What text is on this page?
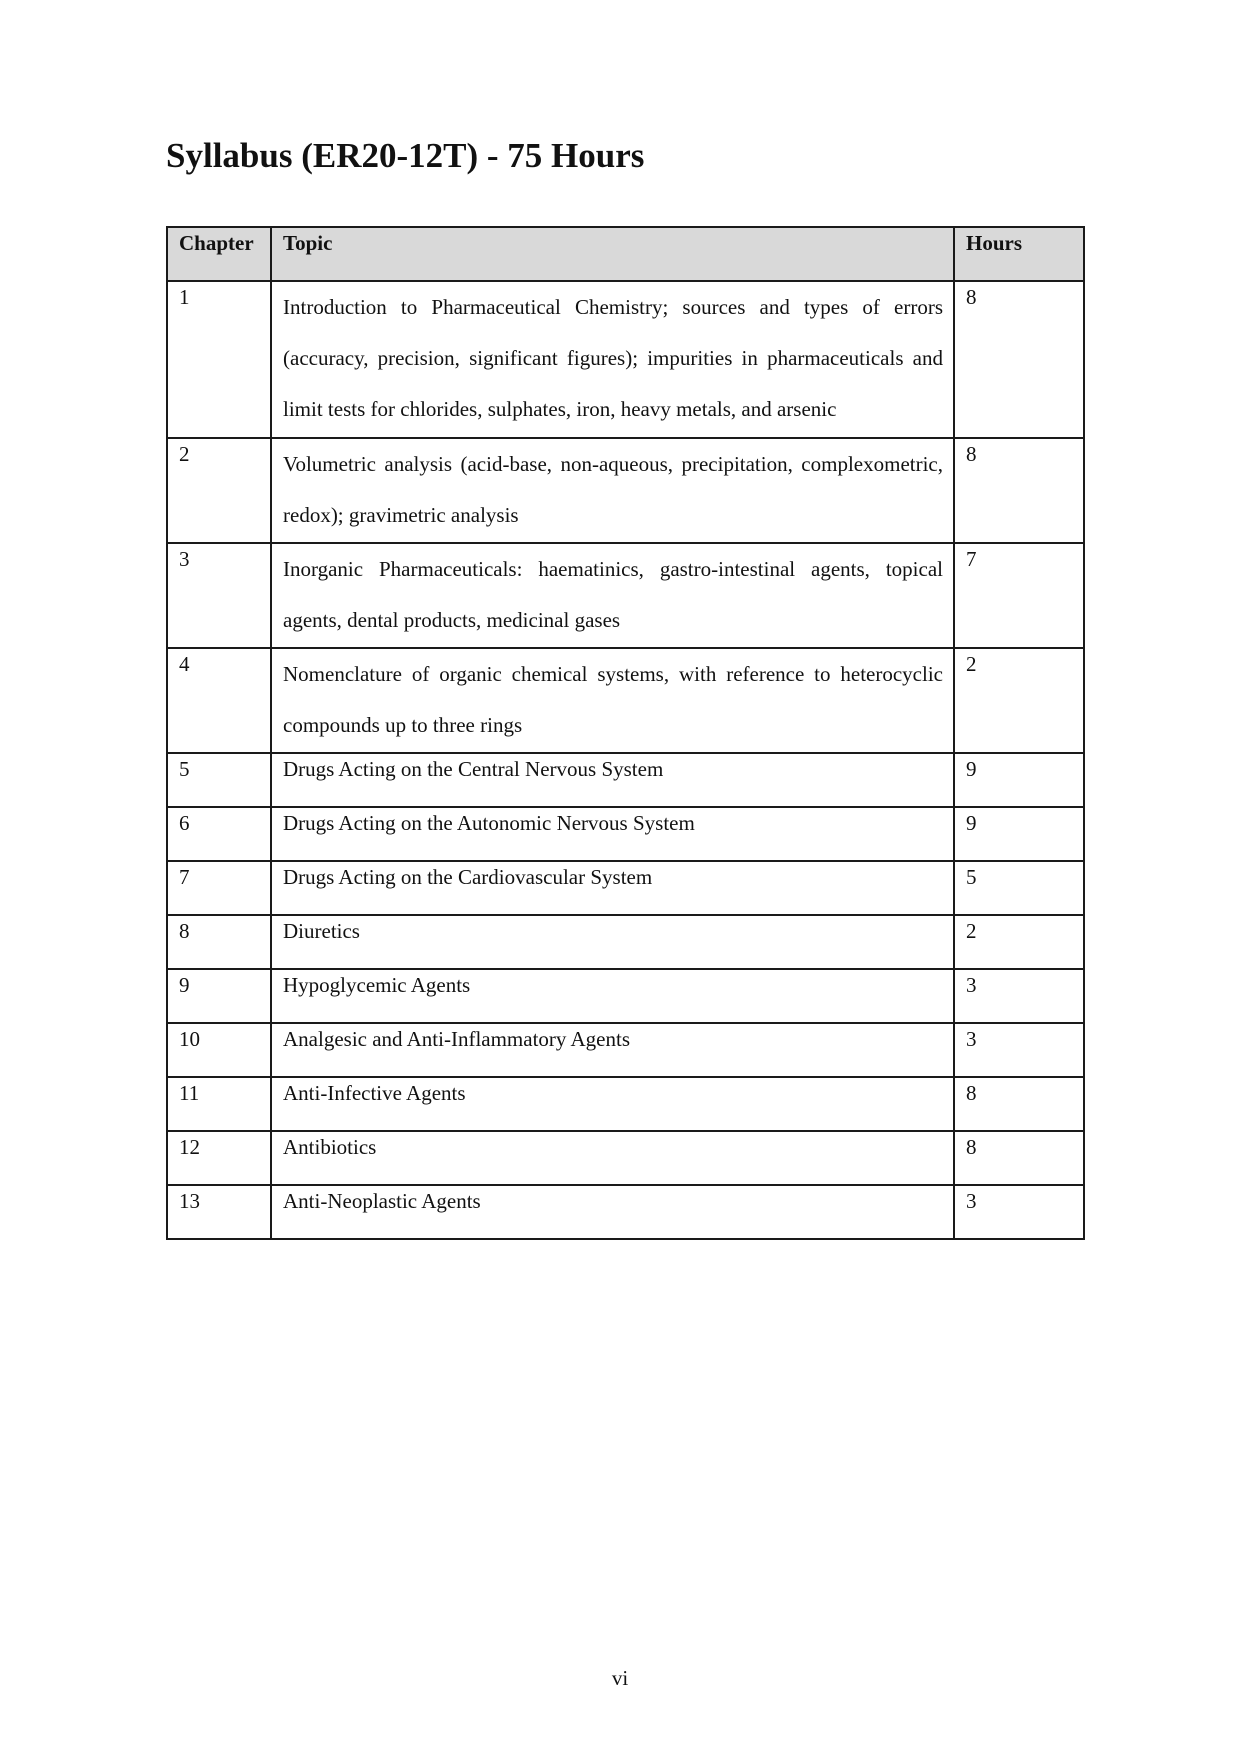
Syllabus (ER20-12T) - 75 Hours
Chapter	Topic	Hours
1	Introduction to Pharmaceutical Chemistry; sources and types of errors (accuracy, precision, significant figures); impurities in pharmaceuticals and limit tests for chlorides, sulphates, iron, heavy metals, and arsenic	8
2	Volumetric analysis (acid-base, non-aqueous, precipitation, complexometric, redox); gravimetric analysis	8
3	Inorganic Pharmaceuticals: haematinics, gastro-intestinal agents, topical agents, dental products, medicinal gases	7
4	Nomenclature of organic chemical systems, with reference to heterocyclic compounds up to three rings	2
5	Drugs Acting on the Central Nervous System	9
6	Drugs Acting on the Autonomic Nervous System	9
7	Drugs Acting on the Cardiovascular System	5
8	Diuretics	2
9	Hypoglycemic Agents	3
10	Analgesic and Anti-Inflammatory Agents	3
11	Anti-Infective Agents	8
12	Antibiotics	8
13	Anti-Neoplastic Agents	3
vi
